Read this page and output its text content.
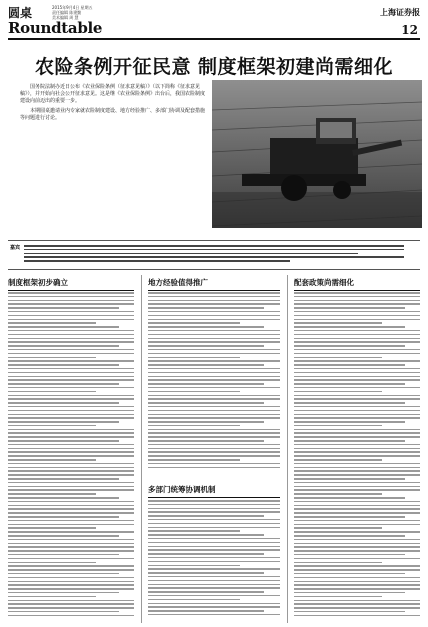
圆桌
Roundtable
2015年9月4日 星期五
责任编辑 陈建勤
美术编辑 周 慧
上海证券报
12
农险条例开征民意 制度框架初建尚需细化

国务院法制办近日公布《农业保险条例（征求意见稿）》（以下简称《征求意见稿》），并开始向社会公开征求意见。这是继《农业保险条例》出台后，我国农险制度建设向前迈出的重要一步。

本期圆桌邀请业内专家就农险制度建设、地方经验推广、多部门协调及配套措施等问题进行讨论。

嘉宾
制度框架初步确立	地方经验值得推广
多部门统筹协调机制
配套政策尚需细化
